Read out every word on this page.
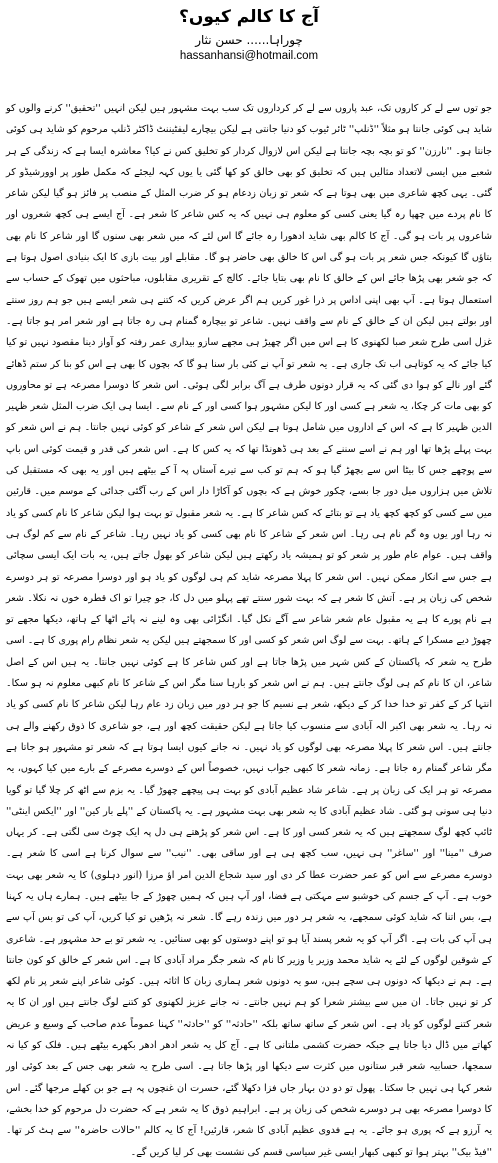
آج کا کالم کیوں؟
چوراہا...... حسن نثار
hassanhansi@hotmail.com

جو توں سے لے کر کاروں تک، عبد پاروں سے لے کر کرداروں تک سب بہت مشہور ہیں لیکن انہیں ''تحقیق'' کرنے والوں کو شاید ہی کوئی جانتا ہو مثلاً ''ڈنلپ'' ٹائر ٹیوب کو دنیا جانتی ہے لیکن بیچارے لیفٹیننٹ ڈاکٹر ڈنلپ مرحوم کو شاید ہی کوئی جانتا ہو۔ ''نارزن'' کو تو بچہ بچہ جانتا ہے لیکن اس لازوال کردار کو تخلیق کس نے کیا؟ معاشرہ ایسا ہے کہ زندگی کے ہر شعبے میں ایسی لاتعداد مثالیں ہیں کہ تخلیق کو بھی خالق کو کھا گئی یا یوں کہہ لیجئے کہ مکمل طور پر اوورشیڈو کر گئی۔ یہی کچھ شاعری میں بھی ہوتا ہے کہ شعر تو زبان زدعام ہو کر ضرب المثل کے منصب پر فائز ہو گیا لیکن شاعر کا نام پردے میں چھپا رہ گیا یعنی کسی کو معلوم ہی نہیں کہ یہ کس شاعر کا شعر ہے۔ آج ایسے ہی کچھ شعروں اور شاعروں پر بات ہو گی۔ آج کا کالم بھی شاید ادھورا رہ جائے گا اس لئے کہ میں شعر بھی سنوں گا اور شاعر کا نام بھی بتاؤں گا کیونکہ جس شعر پر بات ہو گی اس کا خالق بھی حاضر ہو گا۔ مقابلے اور بیت بازی کا ایک بنیادی اصول ہوتا ہے کہ جو شعر بھی پڑھا جائے اس کے خالق کا نام بھی بتایا جائے۔ کالج کے تقریری مقابلوں، مباحثوں میں تھوک کے حساب سے استعمال ہوتا ہے۔ آپ بھی اپنی اداس پر ذرا غور کریں ہم اگر عرض کریں کہ کتنے ہی شعر ایسے ہیں جو ہم روز سنتے اور بولتے ہیں لیکن ان کے خالق کے نام سے واقف نہیں۔ شاعر تو بیچارہ گمنام ہی رہ جاتا ہے اور شعر امر ہو جاتا ہے۔ غزل اسی طرح شعر صبا لکھنوی کا ہے اس میں اگر چھیڑ ہی مجھے سازو بیداری عمر رفتہ کو آواز دینا مقصود نہیں تو کیا کیا جائے کہ یہ کوتاہی اب تک جاری ہے۔ یہ شعر تو آپ نے کئی بار سنا ہو گا کہ بچوں کا بھی ہے اس کو بنا کر ستم ڈھائے گئے اور نالے کو ہوا دی گئی کہ یہ قرار دونوں طرف ہے آگ برابر لگی ہوئی۔ اس شعر کا دوسرا مصرعہ ہے تو محاوروں کو بھی مات کر چکا، یہ شعر ہے کسی اور کا لیکن مشہور ہوا کسی اور کے نام سے۔ ایسا ہی ایک ضرب المثل شعر ظہیر الدین ظہیر کا ہے کہ اس کے اداروں میں شامل ہوتا ہے لیکن اس شعر کے شاعر کو کوئی نہیں جانتا۔ ہم نے اس شعر کو بہت پہلے پڑھا تھا اور ہم نے اسے سننے کے بعد ہی ڈھونڈا تھا کہ یہ کس کا ہے۔ اس شعر کی قدر و قیمت کوئی اس باپ سے پوچھے جس کا بیٹا اس سے بچھڑ گیا ہو کہ ہم تو کب سے تیرے آستاں پہ آ کے بیٹھے ہیں اور یہ بھی کہ مستقبل کی تلاش میں ہزاروں میل دور جا بسے، چکور خوش ہے کہ بچوں کو آکاڑا دار اس کے رب آگئی جدائی کے موسم میں۔ قارئین میں سے کسی کو کچھ کچھ یاد ہے تو بتائے کہ کس شاعر کا ہے۔ یہ شعر مقبول تو بہت ہوا لیکن شاعر کا نام کسی کو یاد نہ رہا اور یوں وہ گم نام ہی رہا۔ اس شعر کے شاعر کا نام بھی کسی کو یاد نہیں رہا۔ شاعر کے نام سے کم لوگ ہی واقف ہیں۔ عوام عام طور پر شعر کو تو ہمیشہ یاد رکھتے ہیں لیکن شاعر کو بھول جاتے ہیں، یہ بات ایک ایسی سچائی ہے جس سے انکار ممکن نہیں۔ اس شعر کا پہلا مصرعہ شاید کم ہی لوگوں کو یاد ہو اور دوسرا مصرعہ تو ہر دوسرے شخص کی زبان پر ہے۔ آتش کا شعر ہے کہ بہت شور سنتے تھے پہلو میں دل کا، جو چیرا تو اک قطرہ خوں نہ نکلا۔ شعر ہے نام پورے کا ہے یہ مقبول عام شعر شاعر سے آگے نکل گیا۔ انگڑائی بھی وہ لینے نہ پائے اٹھا کے ہاتھ، دیکھا مجھے تو چھوڑ دیے مسکرا کے ہاتھ۔ بہت سے لوگ اس شعر کو کسی اور کا سمجھتے ہیں لیکن یہ شعر نظام رام پوری کا ہے۔ اسی طرح یہ شعر کہ پاکستان کے کس شہر میں پڑھا جاتا ہے اور کس شاعر کا ہے کوئی نہیں جانتا۔ یہ ہیں اس کے اصل شاعر، ان کا نام کم ہی لوگ جانتے ہیں۔ ہم نے اس شعر کو بارہا سنا مگر اس کے شاعر کا نام کبھی معلوم نہ ہو سکا۔ انتہا کر کے کفر تو خدا خدا کر کے دیکھ، شعر ہے نسیم کا جو ہر دور میں زبان زد عام رہا لیکن شاعر کا نام کسی کو یاد نہ رہا۔ یہ شعر بھی اکبر الہ آبادی سے منسوب کیا جاتا ہے لیکن حقیقت کچھ اور ہے، جو شاعری کا ذوق رکھنے والے ہی جانتے ہیں۔ اس شعر کا پہلا مصرعہ بھی لوگوں کو یاد نہیں۔ نہ جانے کیوں ایسا ہوتا ہے کہ شعر تو مشہور ہو جاتا ہے مگر شاعر گمنام رہ جاتا ہے۔ زمانہ شعر کا کبھی جواب نہیں، خصوصاً اس کے دوسرے مصرعے کے بارے میں کیا کہوں، یہ مصرعہ تو ہر ایک کی زبان پر ہے۔ شاعر شاد عظیم آبادی کو بہت ہی پیچھے چھوڑ گیا۔ یہ بزم سے اٹھ کر چلا گیا تو گویا دنیا ہی سونی ہو گئی۔ شاد عظیم آبادی کا یہ شعر بھی بہت مشہور ہے۔ یہ پاکستان کے ''پلے بار کین'' اور ''ایکس اینٹی'' ٹائپ کچھ لوگ سمجھتے ہیں کہ یہ شعر کسی اور کا ہے۔ اس شعر کو پڑھتے ہی دل پہ ایک چوٹ سی لگتی ہے۔ کر یہاں صرف ''مینا'' اور ''ساغر'' ہی نہیں، سب کچھ ہی ہے اور ساقی بھی۔ ''نیب'' سے سوال کرنا ہے اسی کا شعر ہے۔ دوسرے مصرعے سے اس کو عمر حضرت عطا کر دی اور سید شجاع الدین امر اؤ مرزا (انور دہلوی) کا یہ شعر بھی بہت خوب ہے۔ آپ کے جسم کی خوشبو سے مہکتی ہے فضا، اور آپ ہیں کہ ہمیں چھوڑ کے جا بیٹھے ہیں۔ ہمارے ہاں یہ کہنا ہے، بس اتنا کہ شاید کوئی سمجھے، یہ شعر ہر دور میں زندہ رہے گا۔ شعر نہ پڑھیں تو کیا کریں، آپ کی تو بس آپ سے ہی آپ کی بات ہے۔ اگر آپ کو یہ شعر پسند آیا ہو تو اپنے دوستوں کو بھی سنائیں۔ یہ شعر تو بے حد مشہور ہے۔ شاعری کے شوقین لوگوں کے لئے یہ شاید محمد وزیر یا وزیر کا نام کہ شعر جگر مراد آبادی کا ہے۔ اس شعر کے خالق کو کون جانتا ہے۔ ہم نے دیکھا کہ دونوں ہی سچے ہیں، سو یہ دونوں شعر ہماری زبان کا اثاثہ ہیں۔ کوئی شاعر اپنے شعر پر نام لکھ کر تو نہیں جاتا۔ ان میں سے بیشتر شعرا کو ہم نہیں جانتے۔ نہ جانے عزیز لکھنوی کو کتنے لوگ جانتے ہیں اور ان کا یہ شعر کتنے لوگوں کو یاد ہے۔ اس شعر کے ساتھ ساتھ بلکہ ''حادثہ'' کو ''حادثہ'' کہنا عموماً عدم صاحب کے وسیع و عریض کھاتے میں ڈال دیا جاتا ہے جبکہ حضرت کشمی ملتانی کا ہے۔ آج کل یہ شعر ادھر ادھر بکھرے بیٹھے ہیں۔ فلک کو کیا نہ سمجھا، حسابیہ شعر قبر ستانوں میں کثرت سے دیکھا اور پڑھا جاتا ہے۔ اسی طرح یہ شعر بھی جس کے بعد کوئی اور شعر کہا ہی نہیں جا سکتا۔ پھول تو دو دن بہار جاں فزا دکھلا گئے، حسرت ان غنچوں پہ ہے جو بن کھلے مرجھا گئے۔ اس کا دوسرا مصرعہ بھی ہر دوسرے شخص کی زبان پر ہے۔ ابراہیم ذوق کا یہ شعر ہے کہ حضرت دل مرحوم کو خدا بخشے، یہ آرزو ہے کہ پوری ہو جائے۔ یہ ہے فدوی عظیم آبادی کا شعر، قارئین! آج کا یہ کالم ''حالات حاضرہ'' سے ہٹ کر تھا۔ ''فیڈ بیک'' بہتر ہوا تو کبھی کبھار ایسی غیر سیاسی قسم کی نشست بھی کر لیا کریں گے۔
